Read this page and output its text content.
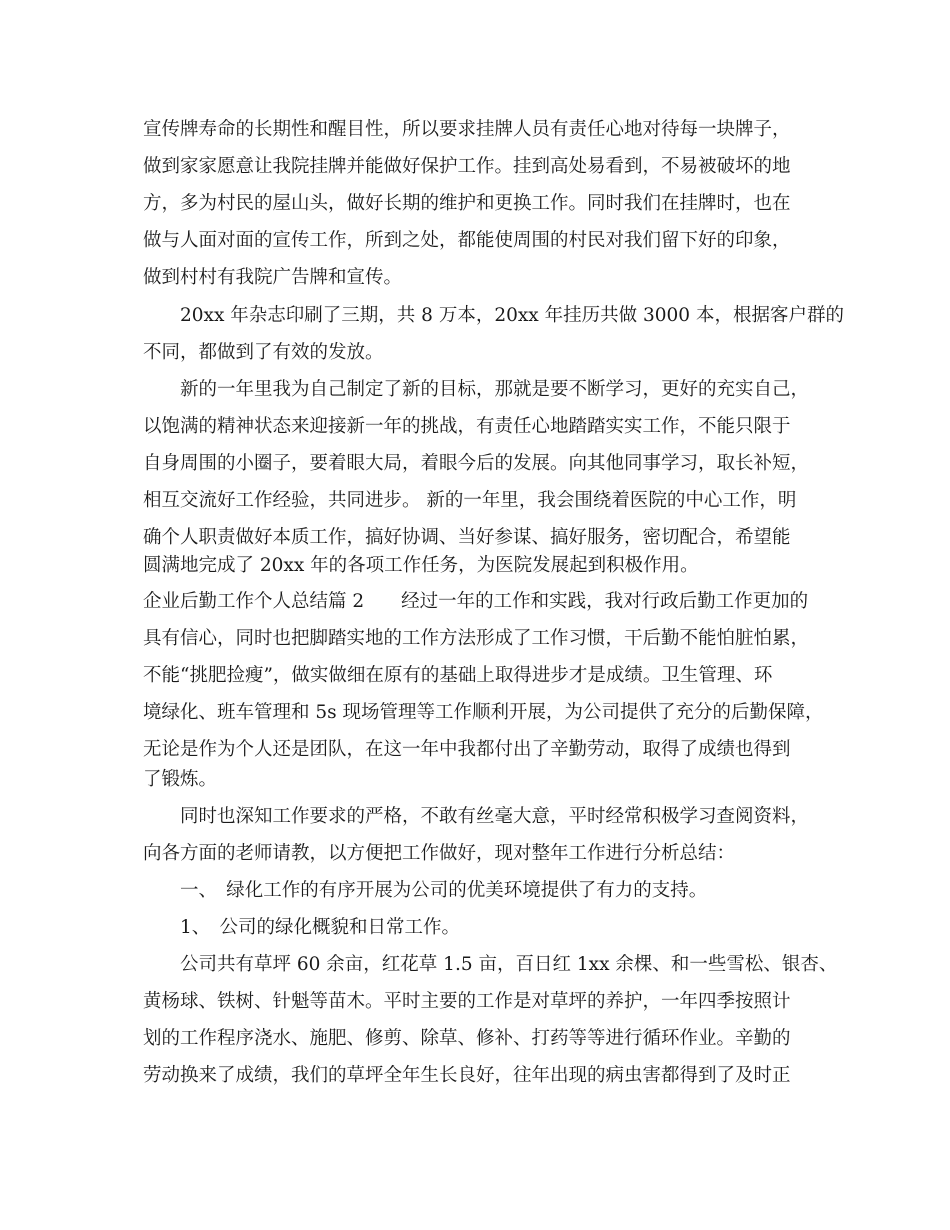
宣传牌寿命的长期性和醒目性，所以要求挂牌人员有责任心地对待每一块牌子，

做到家家愿意让我院挂牌并能做好保护工作。挂到高处易看到，不易被破坏的地

方，多为村民的屋山头，做好长期的维护和更换工作。同时我们在挂牌时，也在

做与人面对面的宣传工作，所到之处，都能使周围的村民对我们留下好的印象，

做到村村有我院广告牌和宣传。

20xx 年杂志印刷了三期，共 8 万本，20xx 年挂历共做 3000 本，根据客户群的

不同，都做到了有效的发放。

新的一年里我为自己制定了新的目标，那就是要不断学习，更好的充实自己，

以饱满的精神状态来迎接新一年的挑战，有责任心地踏踏实实工作，不能只限于

自身周围的小圈子，要着眼大局，着眼今后的发展。向其他同事学习，取长补短，

相互交流好工作经验，共同进步。 新的一年里，我会围绕着医院的中心工作，明

确个人职责做好本质工作，搞好协调、当好参谋、搞好服务，密切配合，希望能

圆满地完成了 20xx 年的各项工作任务，为医院发展起到积极作用。

企业后勤工作个人总结篇 2　　经过一年的工作和实践，我对行政后勤工作更加的

具有信心，同时也把脚踏实地的工作方法形成了工作习惯，干后勤不能怕脏怕累，

不能“挑肥捡瘦”，做实做细在原有的基础上取得进步才是成绩。卫生管理、环

境绿化、班车管理和 5s 现场管理等工作顺利开展，为公司提供了充分的后勤保障，

无论是作为个人还是团队，在这一年中我都付出了辛勤劳动，取得了成绩也得到

了锻炼。

同时也深知工作要求的严格，不敢有丝毫大意，平时经常积极学习查阅资料，

向各方面的老师请教，以方便把工作做好，现对整年工作进行分析总结：

一、　绿化工作的有序开展为公司的优美环境提供了有力的支持。

1、　公司的绿化概貌和日常工作。

公司共有草坪 60 余亩，红花草 1.5 亩，百日红 1xx 余棵、和一些雪松、银杏、

黄杨球、铁树、针魁等苗木。平时主要的工作是对草坪的养护，一年四季按照计

划的工作程序浇水、施肥、修剪、除草、修补、打药等等进行循环作业。辛勤的

劳动换来了成绩，我们的草坪全年生长良好，往年出现的病虫害都得到了及时正
